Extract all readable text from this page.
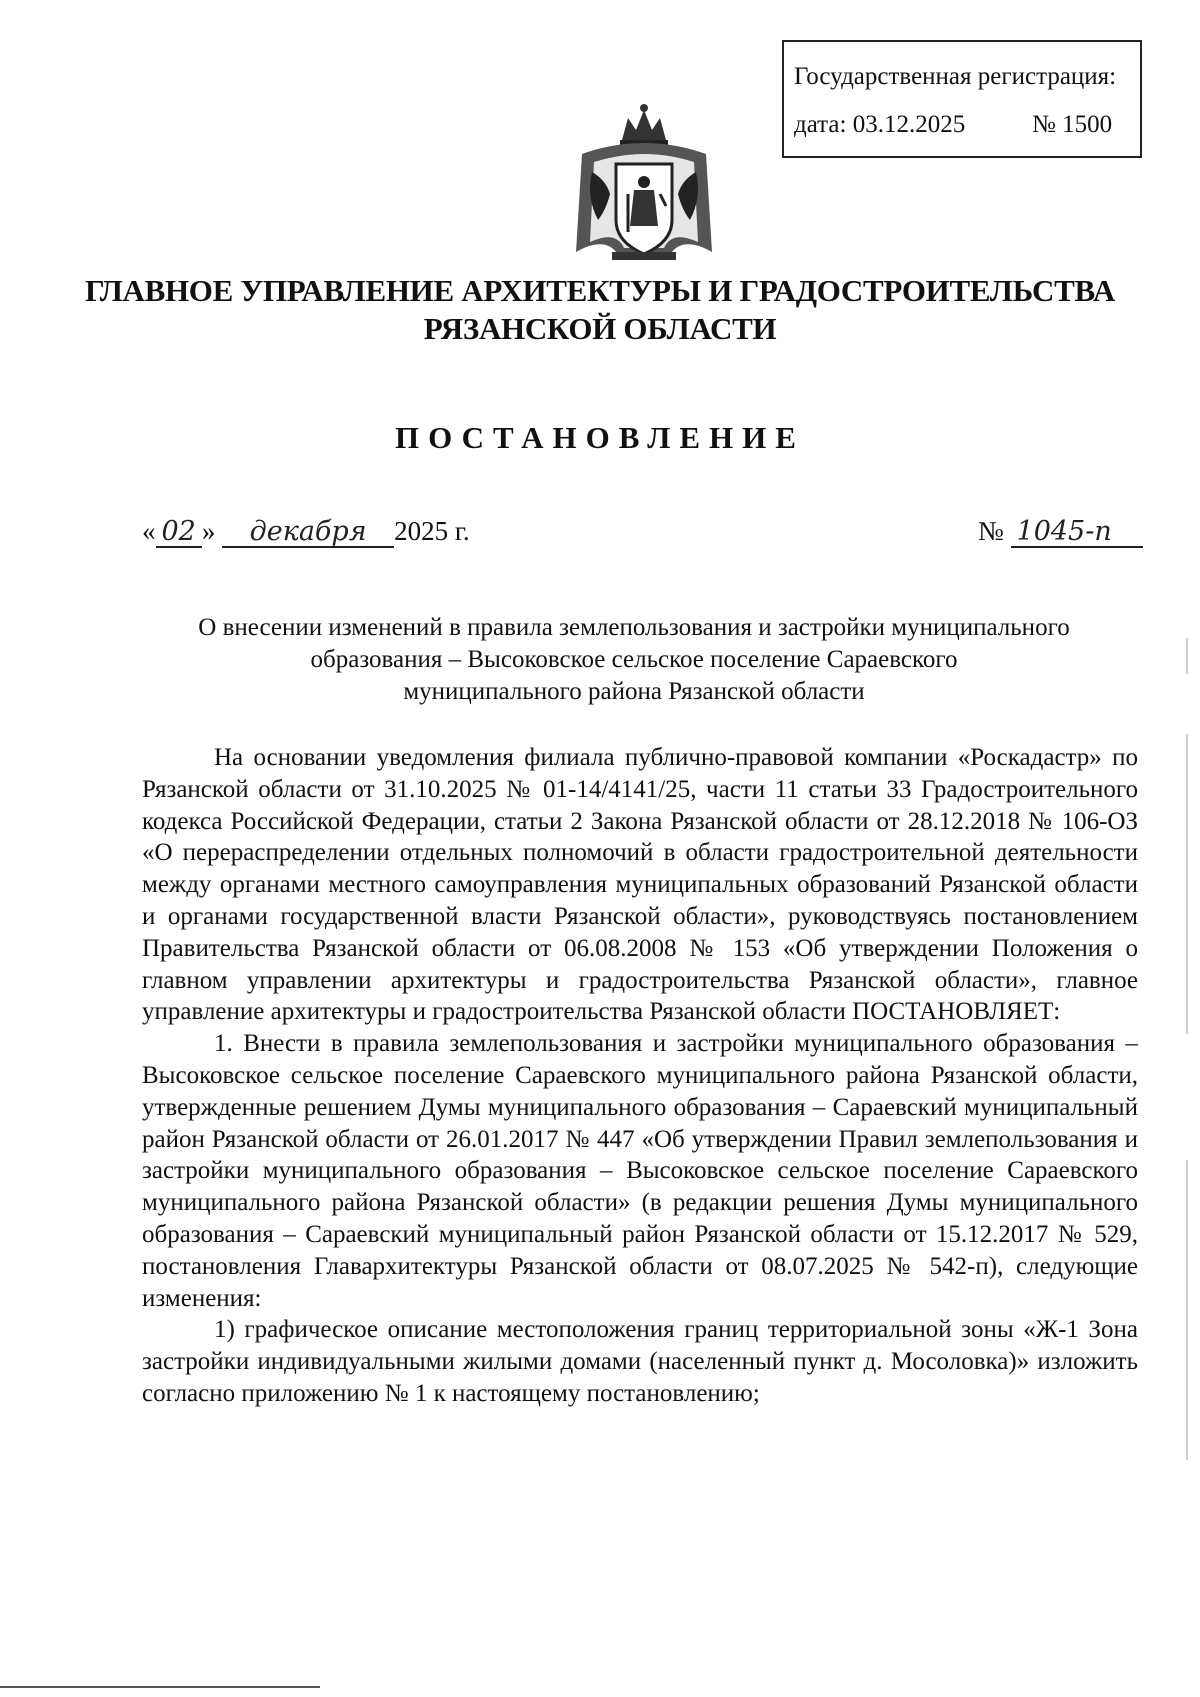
Государственная регистрация:
дата: 03.12.2025	№ 1500
ГЛАВНОЕ УПРАВЛЕНИЕ АРХИТЕКТУРЫ И ГРАДОСТРОИТЕЛЬСТВА
РЯЗАНСКОЙ ОБЛАСТИ
ПОСТАНОВЛЕНИЕ
« 02 » декабря 2025 г.	№ 1045-п
О внесении изменений в правила землепользования и застройки муниципального
образования – Высоковское сельское поселение Сараевского
муниципального района Рязанской области

На основании уведомления филиала публично-правовой компании «Роскадастр» по Рязанской области от 31.10.2025 № 01-14/4141/25, части 11 статьи 33 Градостроительного кодекса Российской Федерации, статьи 2 Закона Рязанской области от 28.12.2018 № 106-ОЗ «О перераспределении отдельных полномочий в области градостроительной деятельности между органами местного самоуправления муниципальных образований Рязанской области и органами государственной власти Рязанской области», руководствуясь постановлением Правительства Рязанской области от 06.08.2008 № 153 «Об утверждении Положения о главном управлении архитектуры и градостроительства Рязанской области», главное управление архитектуры и градостроительства Рязанской области ПОСТАНОВЛЯЕТ:

1. Внести в правила землепользования и застройки муниципального образования – Высоковское сельское поселение Сараевского муниципального района Рязанской области, утвержденные решением Думы муниципального образования – Сараевский муниципальный район Рязанской области от 26.01.2017 № 447 «Об утверждении Правил землепользования и застройки муниципального образования – Высоковское сельское поселение Сараевского муниципального района Рязанской области» (в редакции решения Думы муниципального образования – Сараевский муниципальный район Рязанской области от 15.12.2017 № 529, постановления Главархитектуры Рязанской области от 08.07.2025 № 542-п), следующие изменения:

1) графическое описание местоположения границ территориальной зоны «Ж-1 Зона застройки индивидуальными жилыми домами (населенный пункт д. Мосоловка)» изложить согласно приложению № 1 к настоящему постановлению;
